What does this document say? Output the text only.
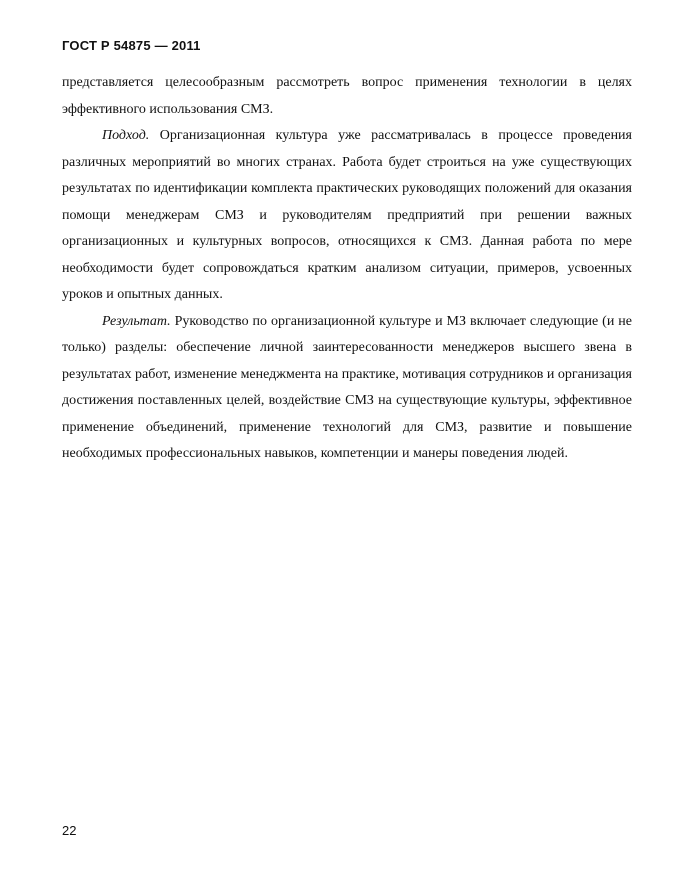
ГОСТ Р 54875 — 2011

представляется целесообразным рассмотреть вопрос применения технологии в целях эффективного использования СМЗ.

Подход. Организационная культура уже рассматривалась в процессе проведения различных мероприятий во многих странах. Работа будет строиться на уже существующих результатах по идентификации комплекта практических руководящих положений для оказания помощи менеджерам СМЗ и руководителям предприятий при решении важных организационных и культурных вопросов, относящихся к СМЗ. Данная работа по мере необходимости будет сопровождаться кратким анализом ситуации, примеров, усвоенных уроков и опытных данных.

Результат. Руководство по организационной культуре и МЗ включает следующие (и не только) разделы: обеспечение личной заинтересованности менеджеров высшего звена в результатах работ, изменение менеджмента на практике, мотивация сотрудников и организация достижения поставленных целей, воздействие СМЗ на существующие культуры, эффективное применение объединений, применение технологий для СМЗ, развитие и повышение необходимых профессиональных навыков, компетенции и манеры поведения людей.

22
